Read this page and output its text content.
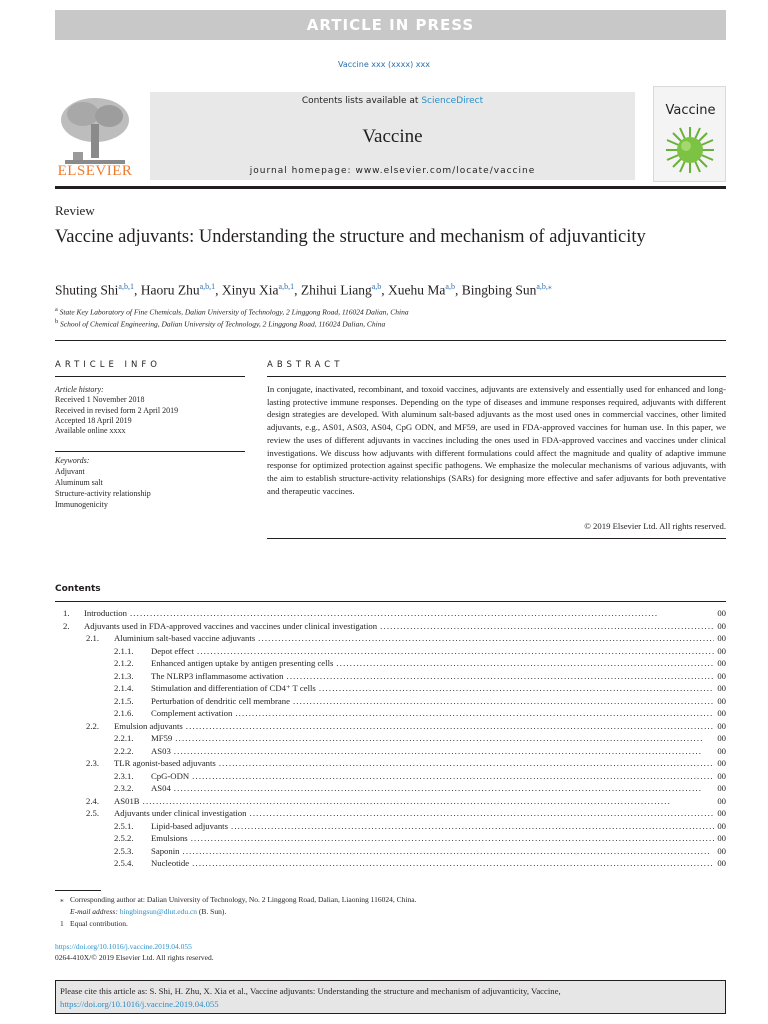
ARTICLE IN PRESS
Vaccine xxx (xxxx) xxx
ELSEVIER
Contents lists available at ScienceDirect
Vaccine
journal homepage: www.elsevier.com/locate/vaccine
Vaccine
Review
Vaccine adjuvants: Understanding the structure and mechanism of adjuvanticity
Shuting Shi$^{a,b,1}$, Haoru Zhu$^{a,b,1}$, Xinyu Xia$^{a,b,1}$, Zhihui Liang$^{a,b}$, Xuehu Ma$^{a,b}$, Bingbing Sun$^{a,b,⁎}$
$^a$ State Key Laboratory of Fine Chemicals, Dalian University of Technology, 2 Linggong Road, 116024 Dalian, China
$^b$ School of Chemical Engineering, Dalian University of Technology, 2 Linggong Road, 116024 Dalian, China
ARTICLE INFO	ABSTRACT
Article history:
Received 1 November 2018
Received in revised form 2 April 2019
Accepted 18 April 2019
Available online xxxx
Keywords:
Adjuvant
Aluminum salt
Structure-activity relationship
Immunogenicity
In conjugate, inactivated, recombinant, and toxoid vaccines, adjuvants are extensively and essentially used for enhanced and long-lasting protective immune responses. Depending on the type of diseases and immune responses required, adjuvants with different design strategies are developed. With aluminum salt-based adjuvants as the most used ones in commercial vaccines, other limited adjuvants, e.g., AS01, AS03, AS04, CpG ODN, and MF59, are used in FDA-approved vaccines for human use. In this paper, we review the uses of different adjuvants in vaccines including the ones used in FDA-approved vaccines and vaccines under clinical investigations. We discuss how adjuvants with different formulations could affect the magnitude and quality of adaptive immune response for optimized protection against specific pathogens. We emphasize the molecular mechanisms of various adjuvants, with the aim to establish structure-activity relationships (SARs) for designing more effective and safer adjuvants for both preventative and therapeutic vaccines.
© 2019 Elsevier Ltd. All rights reserved.
Contents
1.	Introduction . . .	00
2.	Adjuvants used in FDA-approved vaccines and vaccines under clinical investigation . . .	00
2.1.	Aluminium salt-based vaccine adjuvants . . .	00
2.1.1.	Depot effect . . .	00
2.1.2.	Enhanced antigen uptake by antigen presenting cells . . .	00
2.1.3.	The NLRP3 inflammasome activation . . .	00
2.1.4.	Stimulation and differentiation of CD4⁺ T cells . . .	00
2.1.5.	Perturbation of dendritic cell membrane . . .	00
2.1.6.	Complement activation . . .	00
2.2.	Emulsion adjuvants . . .	00
2.2.1.	MF59 . . .	00
2.2.2.	AS03 . . .	00
2.3.	TLR agonist-based adjuvants . . .	00
2.3.1.	CpG-ODN . . .	00
2.3.2.	AS04 . . .	00
2.4.	AS01B . . .	00
2.5.	Adjuvants under clinical investigation . . .	00
2.5.1.	Lipid-based adjuvants . . .	00
2.5.2.	Emulsions . . .	00
2.5.3.	Saponin . . .	00
2.5.4.	Nucleotide . . .	00
⁎ Corresponding author at: Dalian University of Technology, No. 2 Linggong Road, Dalian, Liaoning 116024, China.
E-mail address: bingbingsun@dlut.edu.cn (B. Sun).
1 Equal contribution.
https://doi.org/10.1016/j.vaccine.2019.04.055
0264-410X/© 2019 Elsevier Ltd. All rights reserved.
Please cite this article as: S. Shi, H. Zhu, X. Xia et al., Vaccine adjuvants: Understanding the structure and mechanism of adjuvanticity, Vaccine, https://doi.org/10.1016/j.vaccine.2019.04.055
